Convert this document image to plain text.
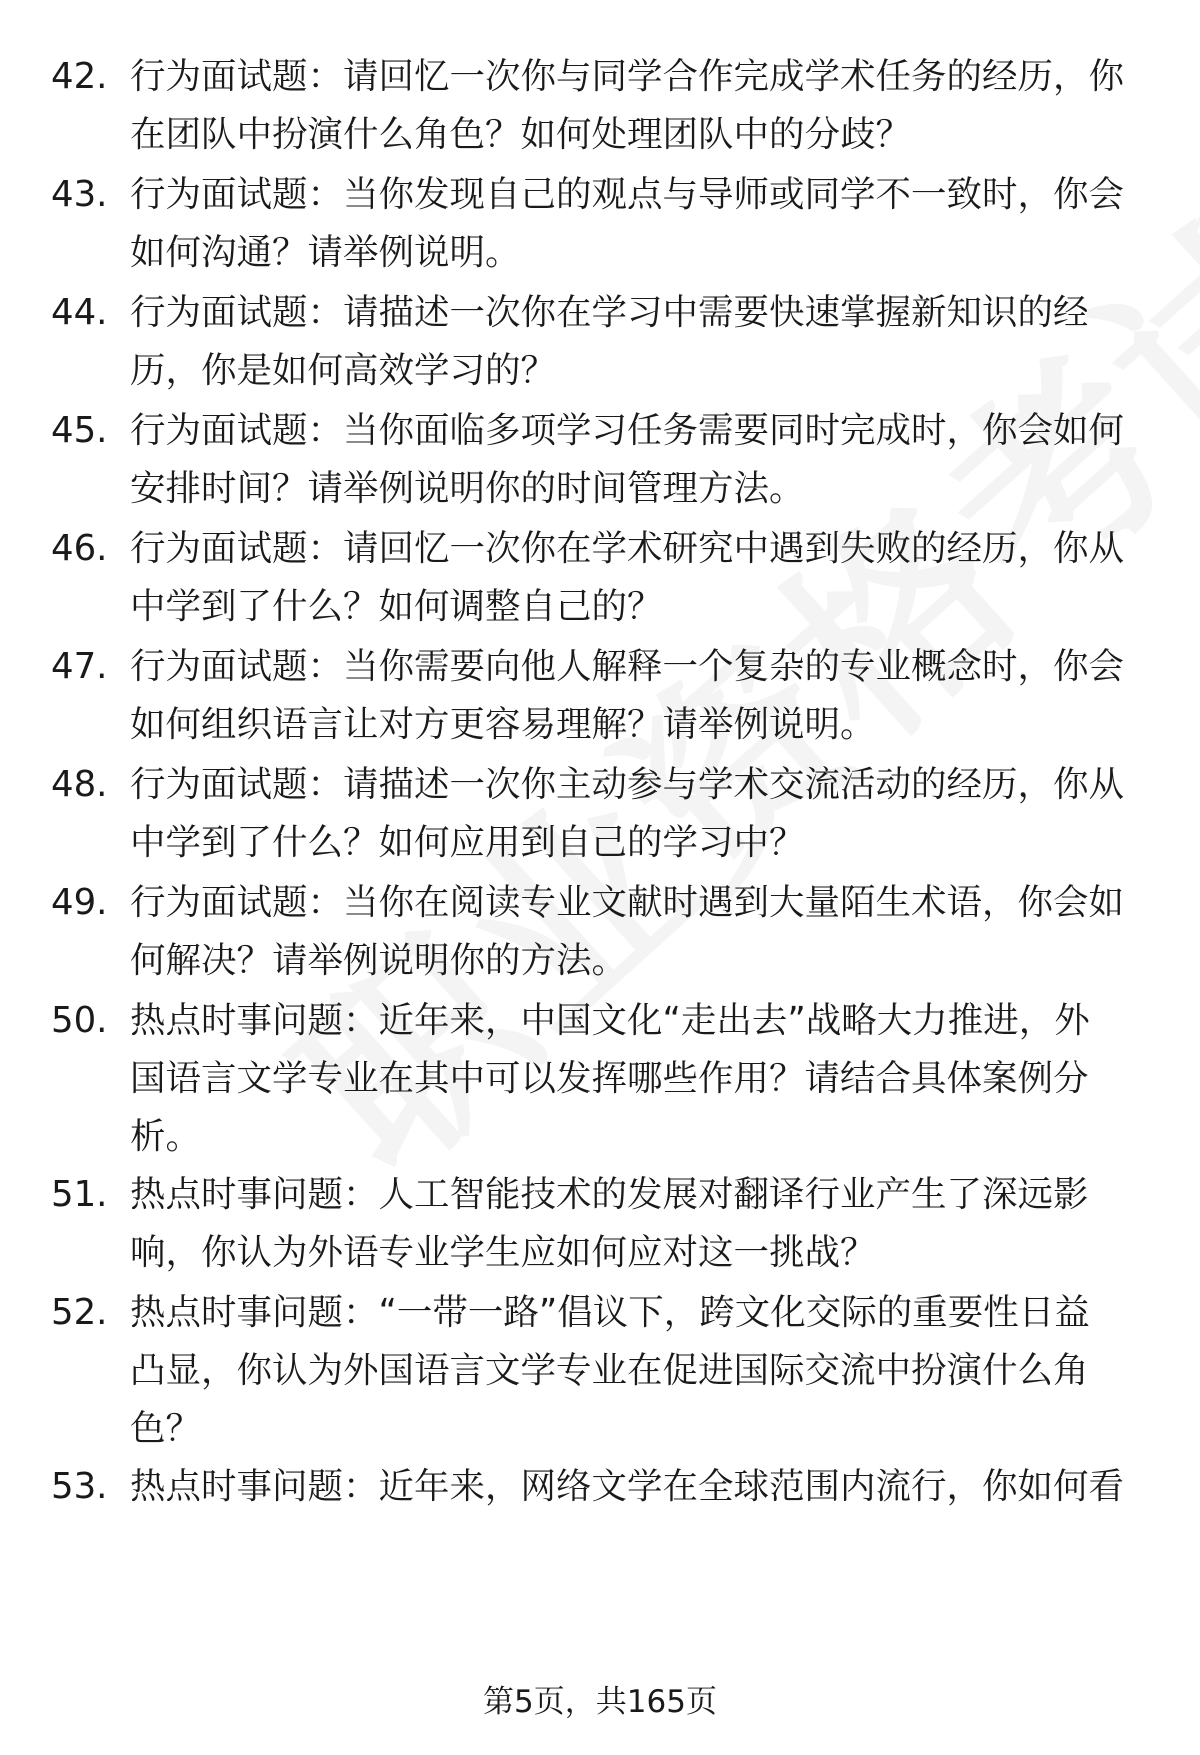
42. 行为面试题：请回忆一次你与同学合作完成学术任务的经历，你
在团队中扮演什么角色？如何处理团队中的分歧？
43. 行为面试题：当你发现自己的观点与导师或同学不一致时，你会
如何沟通？请举例说明。
44. 行为面试题：请描述一次你在学习中需要快速掌握新知识的经
历，你是如何高效学习的？
45. 行为面试题：当你面临多项学习任务需要同时完成时，你会如何
安排时间？请举例说明你的时间管理方法。
46. 行为面试题：请回忆一次你在学术研究中遇到失败的经历，你从
中学到了什么？如何调整自己的？
47. 行为面试题：当你需要向他人解释一个复杂的专业概念时，你会
如何组织语言让对方更容易理解？请举例说明。
48. 行为面试题：请描述一次你主动参与学术交流活动的经历，你从
中学到了什么？如何应用到自己的学习中？
49. 行为面试题：当你在阅读专业文献时遇到大量陌生术语，你会如
何解决？请举例说明你的方法。
50. 热点时事问题：近年来，中国文化“走出去”战略大力推进，外
国语言文学专业在其中可以发挥哪些作用？请结合具体案例分
析。
51. 热点时事问题：人工智能技术的发展对翻译行业产生了深远影
响，你认为外语专业学生应如何应对这一挑战？
52. 热点时事问题：“一带一路”倡议下，跨文化交际的重要性日益
凸显，你认为外国语言文学专业在促进国际交流中扮演什么角
色？
53. 热点时事问题：近年来，网络文学在全球范围内流行，你如何看
第5页，共165页
